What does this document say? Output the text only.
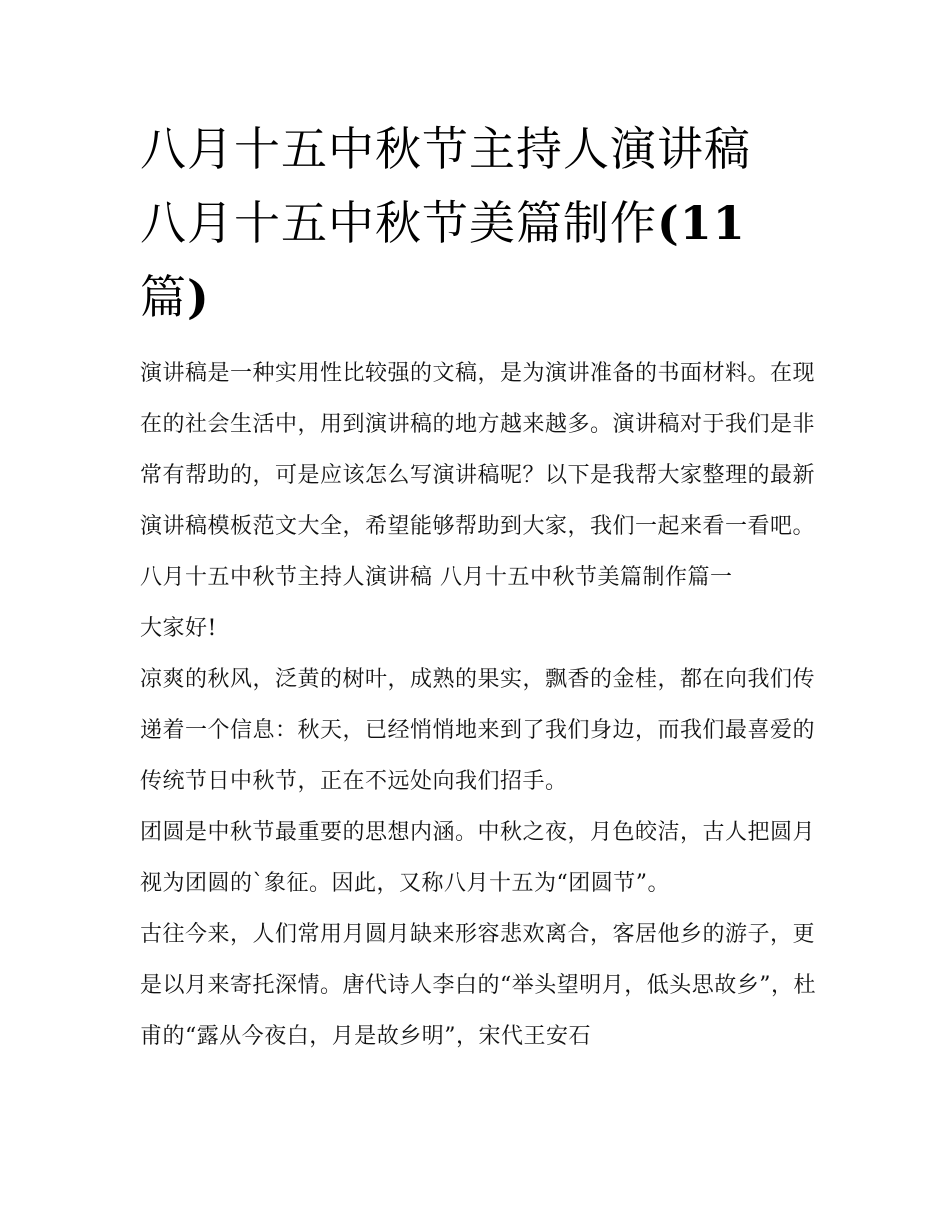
八月十五中秋节主持人演讲稿
八月十五中秋节美篇制作(11
篇)

演讲稿是一种实用性比较强的文稿，是为演讲准备的书面材料。在现在的社会生活中，用到演讲稿的地方越来越多。演讲稿对于我们是非常有帮助的，可是应该怎么写演讲稿呢？以下是我帮大家整理的最新演讲稿模板范文大全，希望能够帮助到大家，我们一起来看一看吧。

八月十五中秋节主持人演讲稿 八月十五中秋节美篇制作篇一

大家好!

凉爽的秋风，泛黄的树叶，成熟的果实，飘香的金桂，都在向我们传递着一个信息：秋天，已经悄悄地来到了我们身边，而我们最喜爱的传统节日中秋节，正在不远处向我们招手。

团圆是中秋节最重要的思想内涵。中秋之夜，月色皎洁，古人把圆月视为团圆的`象征。因此，又称八月十五为“团圆节”。

古往今来，人们常用月圆月缺来形容悲欢离合，客居他乡的游子，更是以月来寄托深情。唐代诗人李白的“举头望明月，低头思故乡”，杜甫的“露从今夜白，月是故乡明”，宋代王安石
